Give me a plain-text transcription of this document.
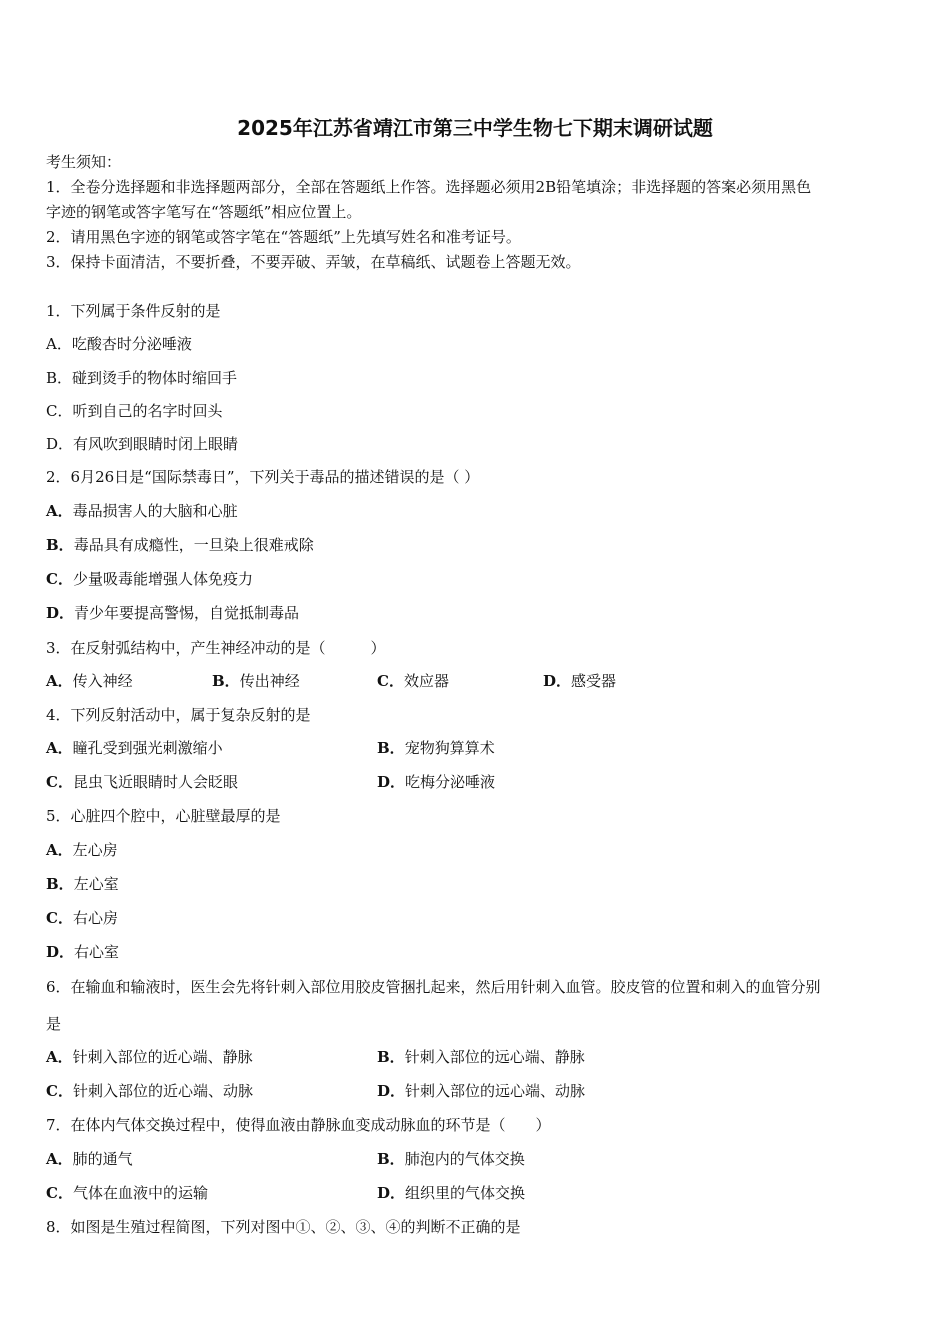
2025年江苏省靖江市第三中学生物七下期末调研试题
考生须知：
1．全卷分选择题和非选择题两部分，全部在答题纸上作答。选择题必须用2B铅笔填涂；非选择题的答案必须用黑色
字迹的钢笔或答字笔写在“答题纸”相应位置上。
2．请用黑色字迹的钢笔或答字笔在“答题纸”上先填写姓名和准考证号。
3．保持卡面清洁，不要折叠，不要弄破、弄皱，在草稿纸、试题卷上答题无效。
1．下列属于条件反射的是
A．吃酸杏时分泌唾液
B．碰到烫手的物体时缩回手
C．听到自己的名字时回头
D．有风吹到眼睛时闭上眼睛
2．6月26日是“国际禁毒日”，下列关于毒品的描述错误的是（ ）
A．毒品损害人的大脑和心脏
B．毒品具有成瘾性，一旦染上很难戒除
C．少量吸毒能增强人体免疫力
D．青少年要提高警惕，自觉抵制毒品
3．在反射弧结构中，产生神经冲动的是（　　　）
A．传入神经	B．传出神经	C．效应器	D．感受器
4．下列反射活动中，属于复杂反射的是
A．瞳孔受到强光刺激缩小	B．宠物狗算算术
C．昆虫飞近眼睛时人会眨眼	D．吃梅分泌唾液
5．心脏四个腔中，心脏壁最厚的是
A．左心房
B．左心室
C．右心房
D．右心室
6．在输血和输液时，医生会先将针刺入部位用胶皮管捆扎起来，然后用针刺入血管。胶皮管的位置和刺入的血管分别
是
A．针刺入部位的近心端、静脉	B．针刺入部位的远心端、静脉
C．针刺入部位的近心端、动脉	D．针刺入部位的远心端、动脉
7．在体内气体交换过程中，使得血液由静脉血变成动脉血的环节是（　　）
A．肺的通气	B．肺泡内的气体交换
C．气体在血液中的运输	D．组织里的气体交换
8．如图是生殖过程简图，下列对图中①、②、③、④的判断不正确的是
